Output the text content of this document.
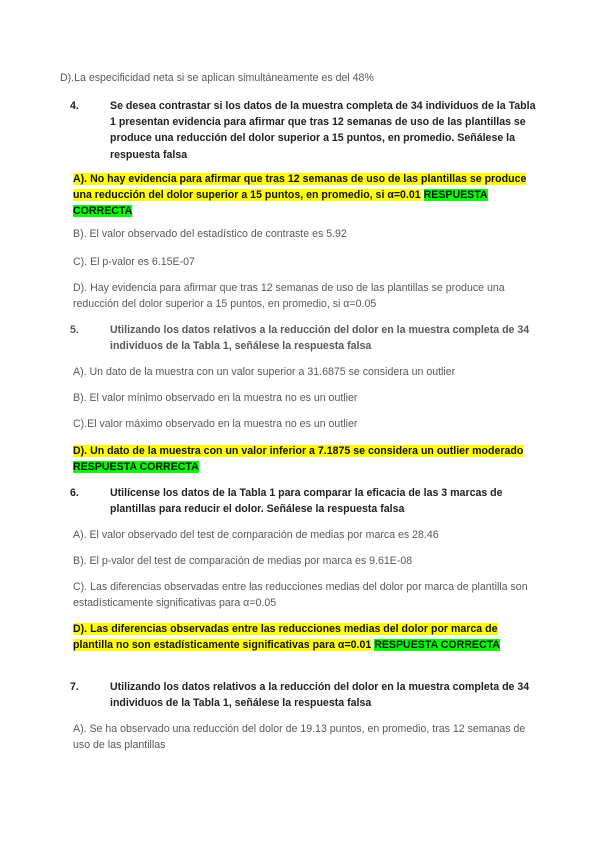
D).La especificidad neta si se aplican simultáneamente es del 48%
4.	Se desea contrastar si los datos de la muestra completa de 34 individuos de la Tabla 1 presentan evidencia para afirmar que tras 12 semanas de uso de las plantillas se produce una reducción del dolor superior a 15 puntos, en promedio. Señálese la respuesta falsa
A). No hay evidencia para afirmar que tras 12 semanas de uso de las plantillas se produce una reducción del dolor superior a 15 puntos, en promedio, si α=0.01 RESPUESTA CORRECTA
B). El valor observado del estadístico de contraste es 5.92
C). El p-valor es 6.15E-07
D). Hay evidencia para afirmar que tras 12 semanas de uso de las plantillas se produce una reducción del dolor superior a 15 puntos, en promedio, si α=0.05
5.	Utilizando los datos relativos a la reducción del dolor en la muestra completa de 34 individuos de la Tabla 1, señálese la respuesta falsa
A). Un dato de la muestra con un valor superior a 31.6875 se considera un outlier
B). El valor mínimo observado en la muestra no es un outlier
C).El valor máximo observado en la muestra no es un outlier
D). Un dato de la muestra con un valor inferior a 7.1875 se considera un outlier moderado RESPUESTA CORRECTA
6.	Utilícense los datos de la Tabla 1 para comparar la eficacia de las 3 marcas de plantillas para reducir el dolor. Señálese la respuesta falsa
A). El valor observado del test de comparación de medias por marca es 28.46
B). El p-valor del test de comparación de medias por marca es 9.61E-08
C). Las diferencias observadas entre las reducciones medias del dolor por marca de plantilla son estadísticamente significativas para α=0.05
D). Las diferencias observadas entre las reducciones medias del dolor por marca de plantilla no son estadísticamente significativas para α=0.01 RESPUESTA CORRECTA
7.	Utilizando los datos relativos a la reducción del dolor en la muestra completa de 34 individuos de la Tabla 1, señálese la respuesta falsa
A). Se ha observado una reducción del dolor de 19.13 puntos, en promedio, tras 12 semanas de uso de las plantillas
